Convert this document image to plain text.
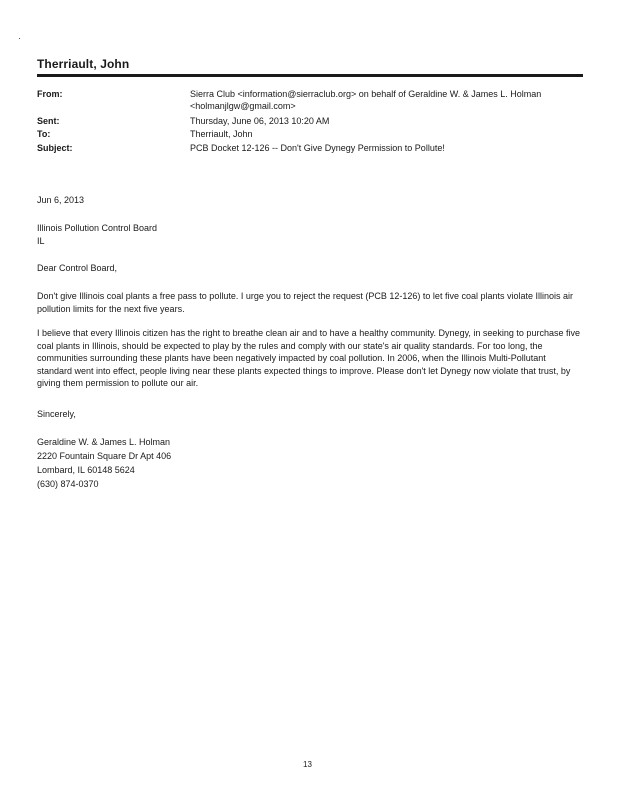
Therriault, John
From:	Sierra Club <information@sierraclub.org> on behalf of Geraldine W. & James L. Holman
<holmanjlgw@gmail.com>
Sent:	Thursday, June 06, 2013 10:20 AM
To:	Therriault, John
Subject:	PCB Docket 12-126 -- Don't Give Dynegy Permission to Pollute!
Jun 6, 2013
Illinois Pollution Control Board
IL
Dear Control Board,
Don't give Illinois coal plants a free pass to pollute. I urge you to reject the request (PCB 12-126) to let five coal plants violate Illinois air pollution limits for the next five years.
I believe that every Illinois citizen has the right to breathe clean air and to have a healthy community. Dynegy, in seeking to purchase five coal plants in Illinois, should be expected to play by the rules and comply with our state's air quality standards. For too long, the communities surrounding these plants have been negatively impacted by coal pollution. In 2006, when the Illinois Multi-Pollutant standard went into effect, people living near these plants expected things to improve. Please don't let Dynegy now violate that trust, by giving them permission to pollute our air.
Sincerely,
Geraldine W. & James L. Holman
2220 Fountain Square Dr Apt 406
Lombard, IL 60148 5624
(630) 874-0370
13
